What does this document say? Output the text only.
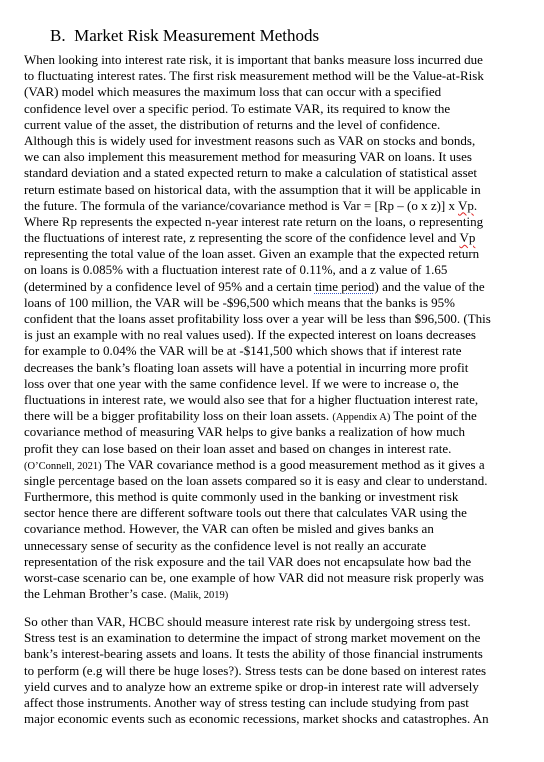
B.  Market Risk Measurement Methods
When looking into interest rate risk, it is important that banks measure loss incurred due
to fluctuating interest rates. The first risk measurement method will be the Value-at-Risk
(VAR) model which measures the maximum loss that can occur with a specified
confidence level over a specific period. To estimate VAR, its required to know the
current value of the asset, the distribution of returns and the level of confidence.
Although this is widely used for investment reasons such as VAR on stocks and bonds,
we can also implement this measurement method for measuring VAR on loans. It uses
standard deviation and a stated expected return to make a calculation of statistical asset
return estimate based on historical data, with the assumption that it will be applicable in
the future. The formula of the variance/covariance method is Var = [Rp – (o x z)] x Vp.
Where Rp represents the expected n-year interest rate return on the loans, o representing
the fluctuations of interest rate, z representing the score of the confidence level and Vp
representing the total value of the loan asset. Given an example that the expected return
on loans is 0.085% with a fluctuation interest rate of 0.11%, and a z value of 1.65
(determined by a confidence level of 95% and a certain time period) and the value of the
loans of 100 million, the VAR will be -$96,500 which means that the banks is 95%
confident that the loans asset profitability loss over a year will be less than $96,500. (This
is just an example with no real values used). If the expected interest on loans decreases
for example to 0.04% the VAR will be at -$141,500 which shows that if interest rate
decreases the bank’s floating loan assets will have a potential in incurring more profit
loss over that one year with the same confidence level. If we were to increase o, the
fluctuations in interest rate, we would also see that for a higher fluctuation interest rate,
there will be a bigger profitability loss on their loan assets. (Appendix A) The point of the
covariance method of measuring VAR helps to give banks a realization of how much
profit they can lose based on their loan asset and based on changes in interest rate.
(O’Connell, 2021) The VAR covariance method is a good measurement method as it gives a
single percentage based on the loan assets compared so it is easy and clear to understand.
Furthermore, this method is quite commonly used in the banking or investment risk
sector hence there are different software tools out there that calculates VAR using the
covariance method. However, the VAR can often be misled and gives banks an
unnecessary sense of security as the confidence level is not really an accurate
representation of the risk exposure and the tail VAR does not encapsulate how bad the
worst-case scenario can be, one example of how VAR did not measure risk properly was
the Lehman Brother’s case. (Malik, 2019)
So other than VAR, HCBC should measure interest rate risk by undergoing stress test.
Stress test is an examination to determine the impact of strong market movement on the
bank’s interest-bearing assets and loans. It tests the ability of those financial instruments
to perform (e.g will there be huge loses?). Stress tests can be done based on interest rates
yield curves and to analyze how an extreme spike or drop-in interest rate will adversely
affect those instruments. Another way of stress testing can include studying from past
major economic events such as economic recessions, market shocks and catastrophes. An
